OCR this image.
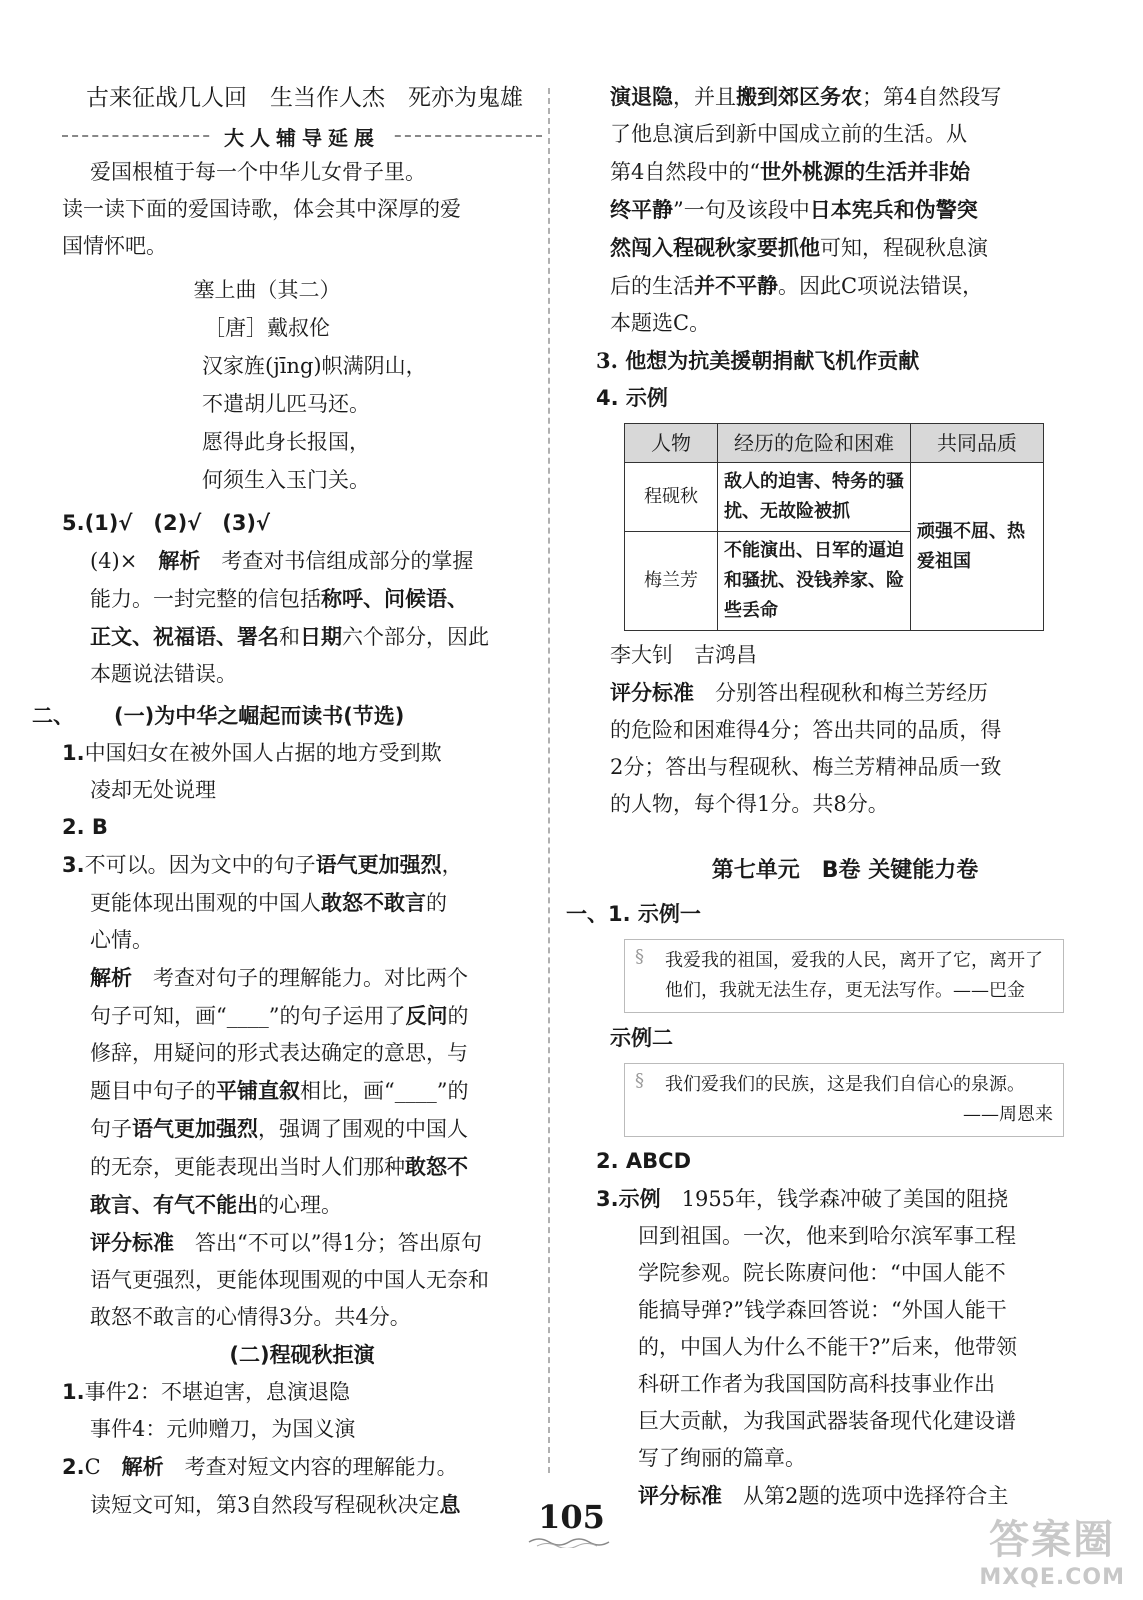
古来征战几人回　生当作人杰　死亦为鬼雄

大人辅导延展

爱国根植于每一个中华儿女骨子里。

读一读下面的爱国诗歌，体会其中深厚的爱

国情怀吧。

塞上曲（其二）

［唐］戴叔伦

汉家旌(jīng)帜满阴山，

不遣胡儿匹马还。

愿得此身长报国，

何须生入玉门关。

5.(1)√　(2)√　(3)√

(4)×　解析　考查对书信组成部分的掌握

能力。一封完整的信包括称呼、问候语、

正文、祝福语、署名和日期六个部分，因此

本题说法错误。

二、 (一)为中华之崛起而读书(节选)

1.中国妇女在被外国人占据的地方受到欺

凌却无处说理

2. B

3.不可以。因为文中的句子语气更加强烈，

更能体现出围观的中国人敢怒不敢言的

心情。

解析　考查对句子的理解能力。对比两个

句子可知，画“____”的句子运用了反问的

修辞，用疑问的形式表达确定的意思，与

题目中句子的平铺直叙相比，画“____”的

句子语气更加强烈，强调了围观的中国人

的无奈，更能表现出当时人们那种敢怒不

敢言、有气不能出的心理。

评分标准　答出“不可以”得1分；答出原句

语气更强烈，更能体现围观的中国人无奈和

敢怒不敢言的心情得3分。共4分。

(二)程砚秋拒演

1.事件2：不堪迫害，息演退隐

事件4：元帅赠刀，为国义演

2.C　解析　考查对短文内容的理解能力。

读短文可知，第3自然段写程砚秋决定息

演退隐，并且搬到郊区务农；第4自然段写

了他息演后到新中国成立前的生活。从

第4自然段中的“世外桃源的生活并非始

终平静”一句及该段中日本宪兵和伪警突

然闯入程砚秋家要抓他可知，程砚秋息演

后的生活并不平静。因此C项说法错误，

本题选C。

3. 他想为抗美援朝捐献飞机作贡献

4. 示例

人物	经历的危险和困难	共同品质
程砚秋	敌人的迫害、特务的骚扰、无故险被抓	顽强不屈、热爱祖国
梅兰芳	不能演出、日军的逼迫和骚扰、没钱养家、险些丢命	

李大钊　吉鸿昌

评分标准　分别答出程砚秋和梅兰芳经历

的危险和困难得4分；答出共同的品质，得

2分；答出与程砚秋、梅兰芳精神品质一致

的人物，每个得1分。共8分。

第七单元　B卷 关键能力卷

一、1. 示例一

§ 我爱我的祖国，爱我的人民，离开了它，离开了
他们，我就无法生存，更无法写作。——巴金

示例二

§ 我们爱我们的民族，这是我们自信心的泉源。
——周恩来

2. ABCD

3.示例　1955年，钱学森冲破了美国的阻挠

回到祖国。一次，他来到哈尔滨军事工程

学院参观。院长陈赓问他：“中国人能不

能搞导弹?”钱学森回答说：“外国人能干

的，中国人为什么不能干?”后来，他带领

科研工作者为我国国防高科技事业作出

巨大贡献，为我国武器装备现代化建设谱

写了绚丽的篇章。

评分标准　从第2题的选项中选择符合主

105	答案圈
MXQE.COM
